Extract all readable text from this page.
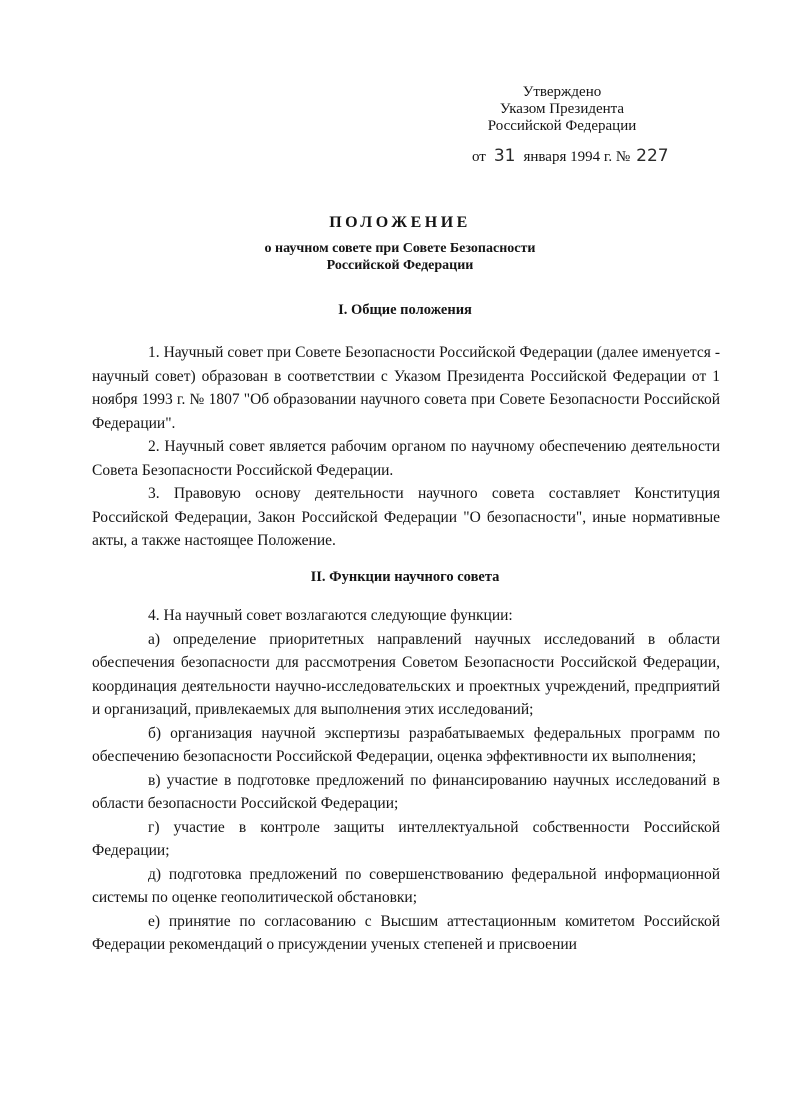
Утверждено
Указом Президента
Российской Федерации
от 31 января 1994 г. № 227
ПОЛОЖЕНИЕ
о научном совете при Совете Безопасности
Российской Федерации
I. Общие положения

1. Научный совет при Совете Безопасности Российской Федерации (далее именуется - научный совет) образован в соответствии с Указом Президента Российской Федерации от 1 ноября 1993 г. № 1807 "Об образовании научного совета при Совете Безопасности Российской Федерации".

2. Научный совет является рабочим органом по научному обеспечению деятельности Совета Безопасности Российской Федерации.

3. Правовую основу деятельности научного совета составляет Конституция Российской Федерации, Закон Российской Федерации "О безопасности", иные нормативные акты, а также настоящее Положение.

II. Функции научного совета

4. На научный совет возлагаются следующие функции:

а) определение приоритетных направлений научных исследований в области обеспечения безопасности для рассмотрения Советом Безопасности Российской Федерации, координация деятельности научно-исследовательских и проектных учреждений, предприятий и организаций, привлекаемых для выполнения этих исследований;

б) организация научной экспертизы разрабатываемых федеральных программ по обеспечению безопасности Российской Федерации, оценка эффективности их выполнения;

в) участие в подготовке предложений по финансированию научных исследований в области безопасности Российской Федерации;

г) участие в контроле защиты интеллектуальной собственности Российской Федерации;

д) подготовка предложений по совершенствованию федеральной информационной системы по оценке геополитической обстановки;

е) принятие по согласованию с Высшим аттестационным комитетом Российской Федерации рекомендаций о присуждении ученых степеней и присвоении
